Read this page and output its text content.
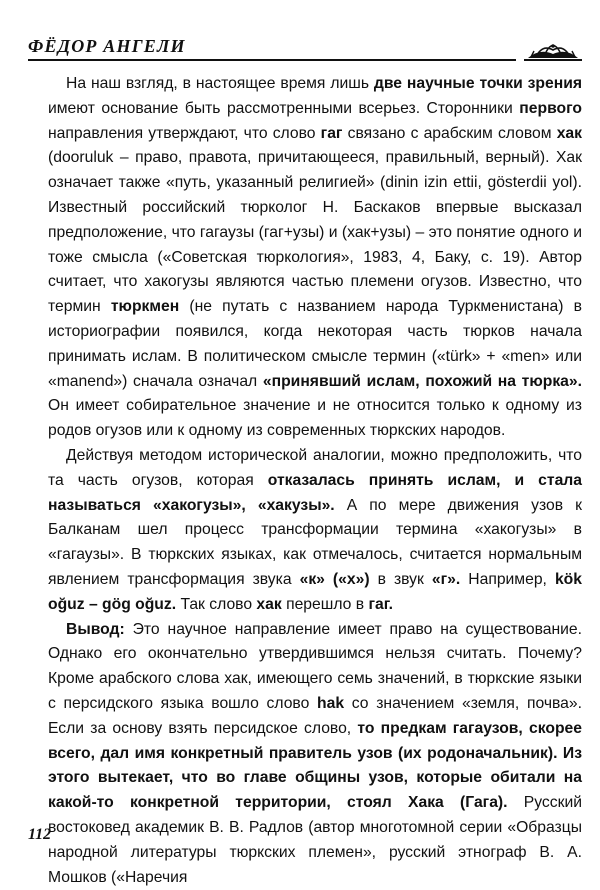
ФЁДОР АНГЕЛИ

На наш взгляд, в настоящее время лишь две научные точки зрения имеют основание быть рассмотренными всерьез. Сторонники первого направления утверждают, что слово гаг связано с арабским словом хак (dooruluk – право, правота, причитающееся, правильный, верный). Хак означает также «путь, указанный религией» (dinin izin ettii, gösterdii yol). Известный российский тюрколог Н. Баскаков впервые высказал предположение, что гагаузы (гаг+узы) и (хак+узы) – это понятие одного и тоже смысла («Советская тюркология», 1983, 4, Баку, с. 19). Автор считает, что хакогузы являются частью племени огузов. Известно, что термин тюркмен (не путать с названием народа Туркменистана) в историографии появился, когда некоторая часть тюрков начала принимать ислам. В политическом смысле термин («türk» + «men» или «manend») сначала означал «принявший ислам, похожий на тюрка». Он имеет собирательное значение и не относится только к одному из родов огузов или к одному из современных тюркских народов.

Действуя методом исторической аналогии, можно предположить, что та часть огузов, которая отказалась принять ислам, и стала называться «хакогузы», «хакузы». А по мере движения узов к Балканам шел процесс трансформации термина «хакогузы» в «гагаузы». В тюркских языках, как отмечалось, считается нормальным явлением трансформация звука «к» («х») в звук «г». Например, kök oğuz – gög oğuz. Так слово хак перешло в гаг.

Вывод: Это научное направление имеет право на существование. Однако его окончательно утвердившимся нельзя считать. Почему? Кроме арабского слова хак, имеющего семь значений, в тюркские языки с персидского языка вошло слово hak со значением «земля, почва». Если за основу взять персидское слово, то предкам гагаузов, скорее всего, дал имя конкретный правитель узов (их родоначальник). Из этого вытекает, что во главе общины узов, которые обитали на какой-то конкретной территории, стоял Хака (Гага). Русский востоковед академик В. В. Радлов (автор многотомной серии «Образцы народной литературы тюркских племен», русский этнограф В. А. Мошков («Наречия

112
